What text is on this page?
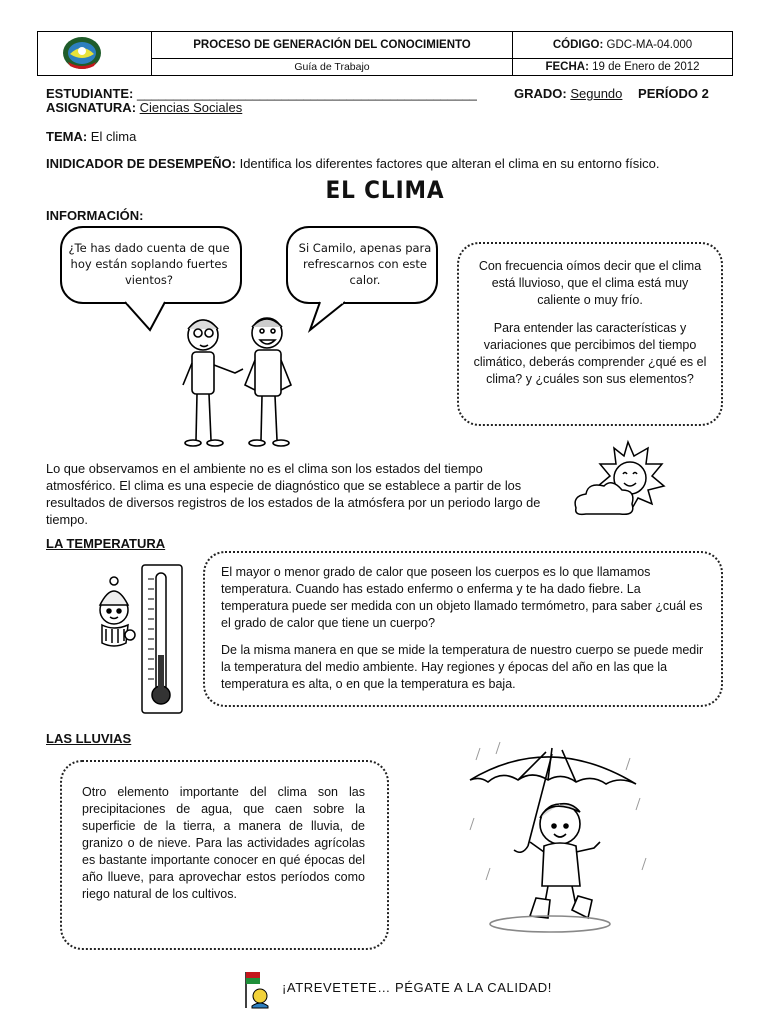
PROCESO DE GENERACIÓN DEL CONOCIMIENTO
Guía de Trabajo
CÓDIGO: GDC-MA-04.000
FECHA: 19 de Enero de 2012
ESTUDIANTE: _______________________________________________	GRADO: Segundo PERÍODO 2
ASIGNATURA: Ciencias Sociales
TEMA: El clima
INIDICADOR DE DESEMPEÑO: Identifica los diferentes factores que alteran el clima en su entorno físico.
EL CLIMA
INFORMACIÓN:
¿Te has dado cuenta de que hoy están soplando fuertes vientos?
Si Camilo, apenas para refrescarnos con este calor.
Con frecuencia oímos decir que el clima está lluvioso, que el clima está muy caliente o muy frío.
Para entender las características y variaciones que percibimos del tiempo climático, deberás comprender ¿qué es el clima? y ¿cuáles son sus elementos?
Lo que observamos en el ambiente no es el clima son los estados del tiempo atmosférico. El clima es una especie de diagnóstico que se establece a partir de los resultados de diversos registros de los estados de la atmósfera por un periodo largo de tiempo.
LA TEMPERATURA
El mayor o menor grado de calor que poseen los cuerpos es lo que llamamos temperatura. Cuando has estado enfermo o enferma y te ha dado fiebre. La temperatura puede ser medida con un objeto llamado termómetro, para saber ¿cuál es el grado de calor que tiene un cuerpo?
De la misma manera en que se mide la temperatura de nuestro cuerpo se puede medir la temperatura del medio ambiente. Hay regiones y épocas del año en las que la temperatura es alta, o en que la temperatura es baja.
LAS LLUVIAS
Otro elemento importante del clima son las precipitaciones de agua, que caen sobre la superficie de la tierra, a manera de lluvia, de granizo o de nieve. Para las actividades agrícolas es bastante importante conocer en qué épocas del año llueve, para aprovechar estos períodos como riego natural de los cultivos.
¡ATREVETETE… PÉGATE A LA CALIDAD!
